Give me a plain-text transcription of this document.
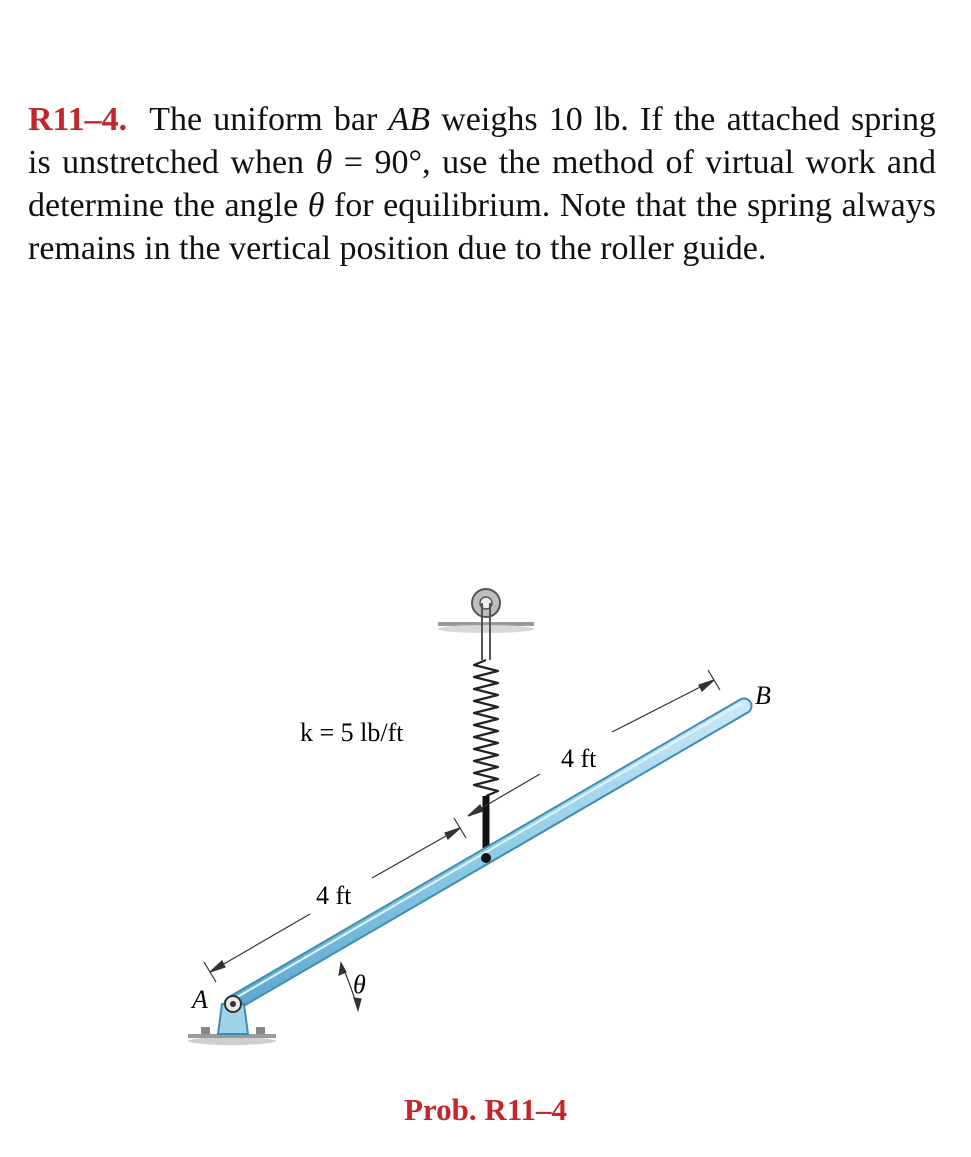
R11–4. The uniform bar AB weighs 10 lb. If the attached spring is unstretched when θ = 90°, use the method of virtual work and determine the angle θ for equilibrium. Note that the spring always remains in the vertical position due to the roller guide.

k = 5 lb/ft
4 ft
4 ft
θ
A
B

Prob. R11–4
